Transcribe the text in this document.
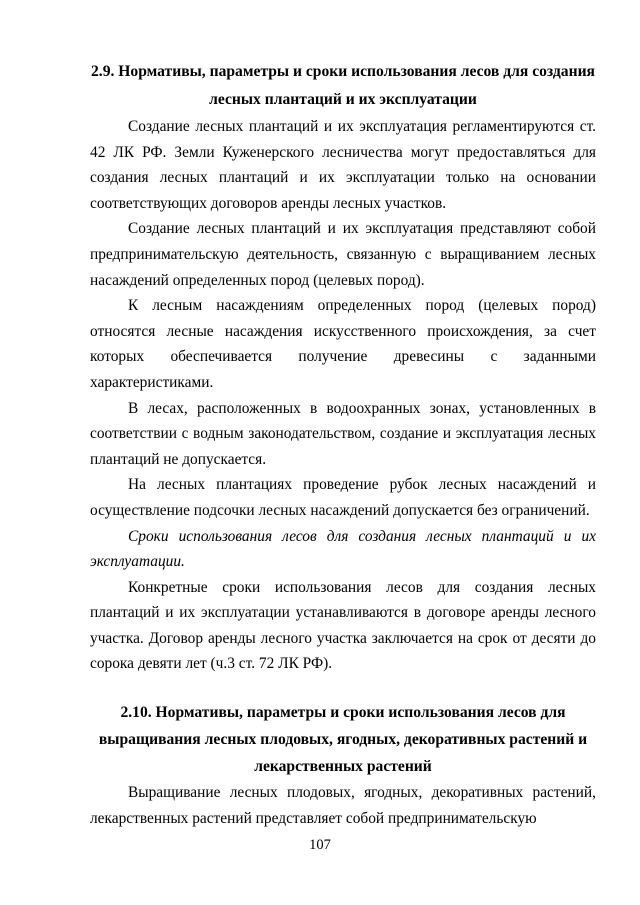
2.9. Нормативы, параметры и сроки использования лесов для создания лесных плантаций и их эксплуатации

Создание лесных плантаций и их эксплуатация регламентируются ст. 42 ЛК РФ. Земли Куженерского лесничества могут предоставляться для создания лесных плантаций и их эксплуатации только на основании соответствующих договоров аренды лесных участков.

Создание лесных плантаций и их эксплуатация представляют собой предпринимательскую деятельность, связанную с выращиванием лесных насаждений определенных пород (целевых пород).

К лесным насаждениям определенных пород (целевых пород) относятся лесные насаждения искусственного происхождения, за счет которых обеспечивается получение древесины с заданными характеристиками.

В лесах, расположенных в водоохранных зонах, установленных в соответствии с водным законодательством, создание и эксплуатация лесных плантаций не допускается.

На лесных плантациях проведение рубок лесных насаждений и осуществление подсочки лесных насаждений допускается без ограничений.

Сроки использования лесов для создания лесных плантаций и их эксплуатации.

Конкретные сроки использования лесов для создания лесных плантаций и их эксплуатации устанавливаются в договоре аренды лесного участка. Договор аренды лесного участка заключается на срок от десяти до сорока девяти лет (ч.3 ст. 72 ЛК РФ).

2.10. Нормативы, параметры и сроки использования лесов для выращивания лесных плодовых, ягодных, декоративных растений и лекарственных растений

Выращивание лесных плодовых, ягодных, декоративных растений, лекарственных растений представляет собой предпринимательскую

107
